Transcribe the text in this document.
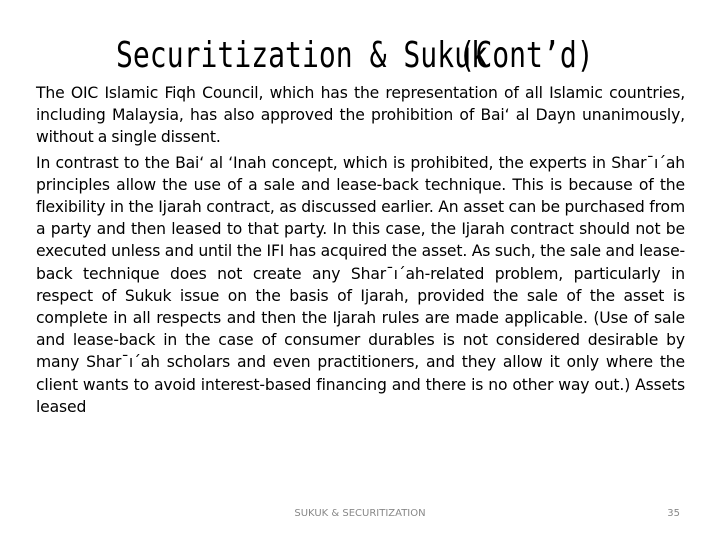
Securitization & Sukuk
(Cont’d)

The OIC Islamic Fiqh Council, which has the representation of all Islamic countries, including Malaysia, has also approved the prohibition of Bai‘ al Dayn unanimously, without a single dissent.

In contrast to the Bai‘ al ‘Inah concept, which is prohibited, the experts in Shar¯ı´ah principles allow the use of a sale and lease-back technique. This is because of the flexibility in the Ijarah contract, as discussed earlier. An asset can be purchased from a party and then leased to that party. In this case, the Ijarah contract should not be executed unless and until the IFI has acquired the asset. As such, the sale and lease-back technique does not create any Shar¯ı´ah-related problem, particularly in respect of Sukuk issue on the basis of Ijarah, provided the sale of the asset is complete in all respects and then the Ijarah rules are made applicable. (Use of sale and lease-back in the case of consumer durables is not considered desirable by many Shar¯ı´ah scholars and even practitioners, and they allow it only where the client wants to avoid interest-based financing and there is no other way out.) Assets leased

SUKUK & SECURITIZATION	35
